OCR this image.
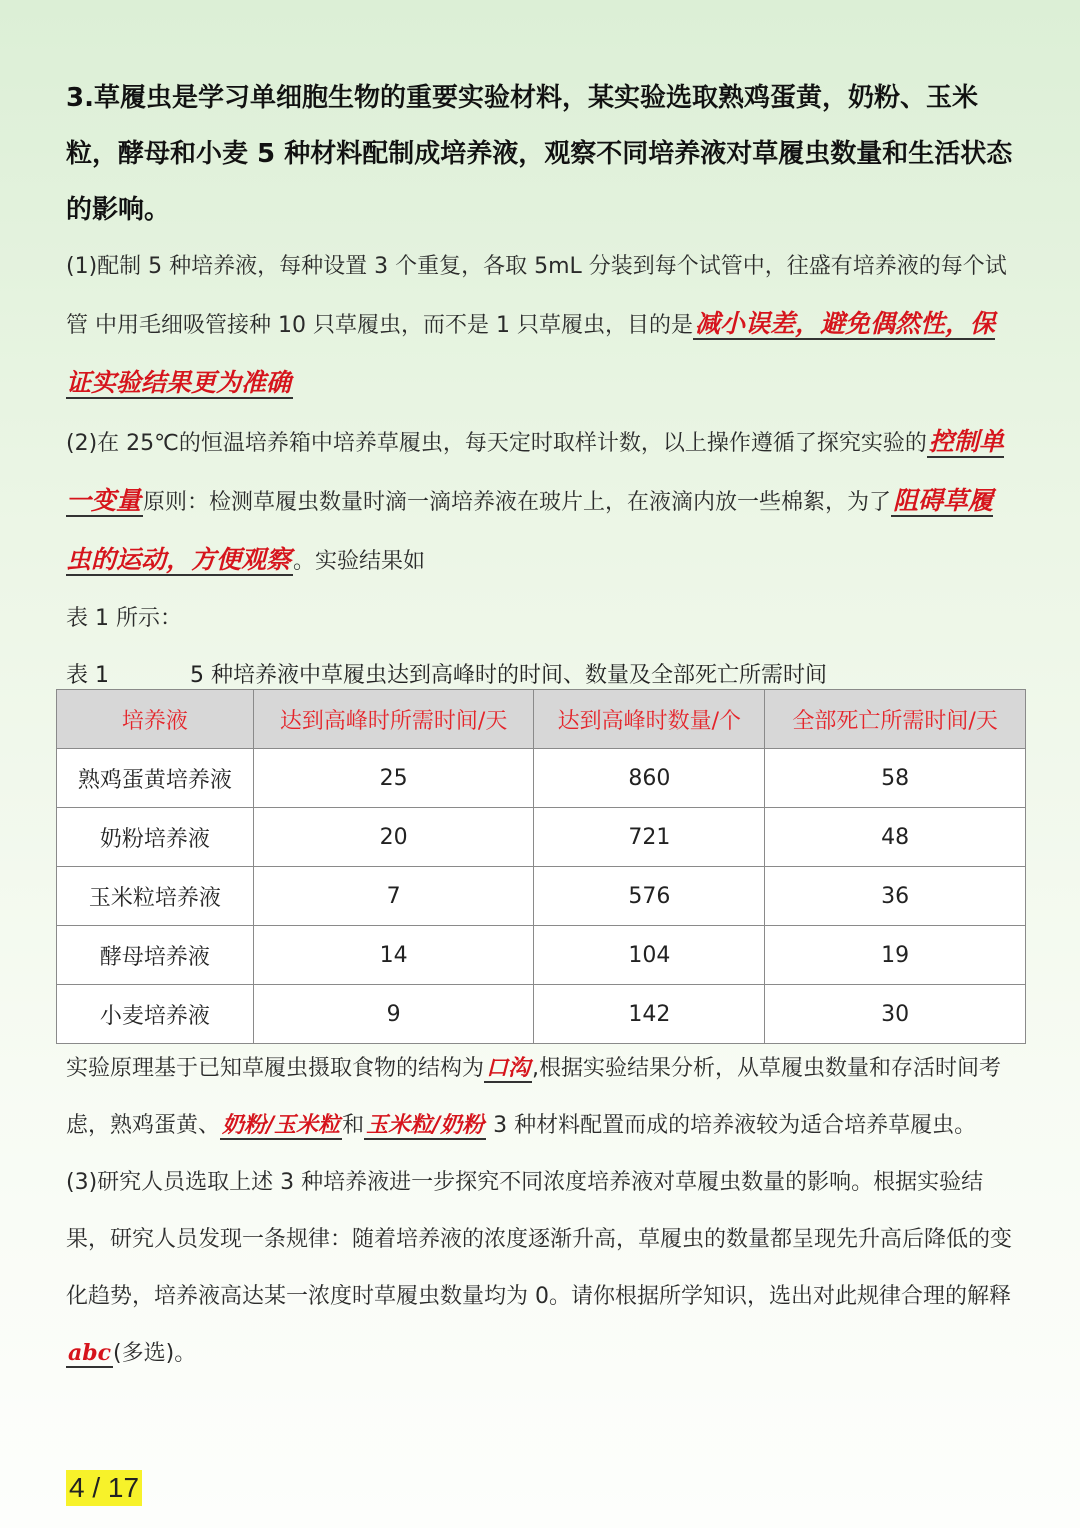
3.草履虫是学习单细胞生物的重要实验材料，某实验选取熟鸡蛋黄，奶粉、玉米粒，酵母和小麦 5 种材料配制成培养液，观察不同培养液对草履虫数量和生活状态的影响。

(1)配制 5 种培养液，每种设置 3 个重复，各取 5mL 分装到每个试管中，往盛有培养液的每个试管 中用毛细吸管接种 10 只草履虫，而不是 1 只草履虫，目的是减小误差，避免偶然性，保证实验结果更为准确

(2)在 25℃的恒温培养箱中培养草履虫，每天定时取样计数，以上操作遵循了探究实验的控制单一变量原则：检测草履虫数量时滴一滴培养液在玻片上，在液滴内放一些棉絮，为了阻碍草履虫的运动，方便观察。实验结果如

表 1 所示：

表 1	5 种培养液中草履虫达到高峰时的时间、数量及全部死亡所需时间

培养液	达到高峰时所需时间/天	达到高峰时数量/个	全部死亡所需时间/天
熟鸡蛋黄培养液	25	860	58
奶粉培养液	20	721	48
玉米粒培养液	7	576	36
酵母培养液	14	104	19
小麦培养液	9	142	30

实验原理基于已知草履虫摄取食物的结构为口沟,根据实验结果分析，从草履虫数量和存活时间考虑，熟鸡蛋黄、奶粉/玉米粒和玉米粒/奶粉 3 种材料配置而成的培养液较为适合培养草履虫。

(3)研究人员选取上述 3 种培养液进一步探究不同浓度培养液对草履虫数量的影响。根据实验结果，研究人员发现一条规律：随着培养液的浓度逐渐升高，草履虫的数量都呈现先升高后降低的变化趋势，培养液高达某一浓度时草履虫数量均为 0。请你根据所学知识，选出对此规律合理的解释abc(多选)。

4 / 17
